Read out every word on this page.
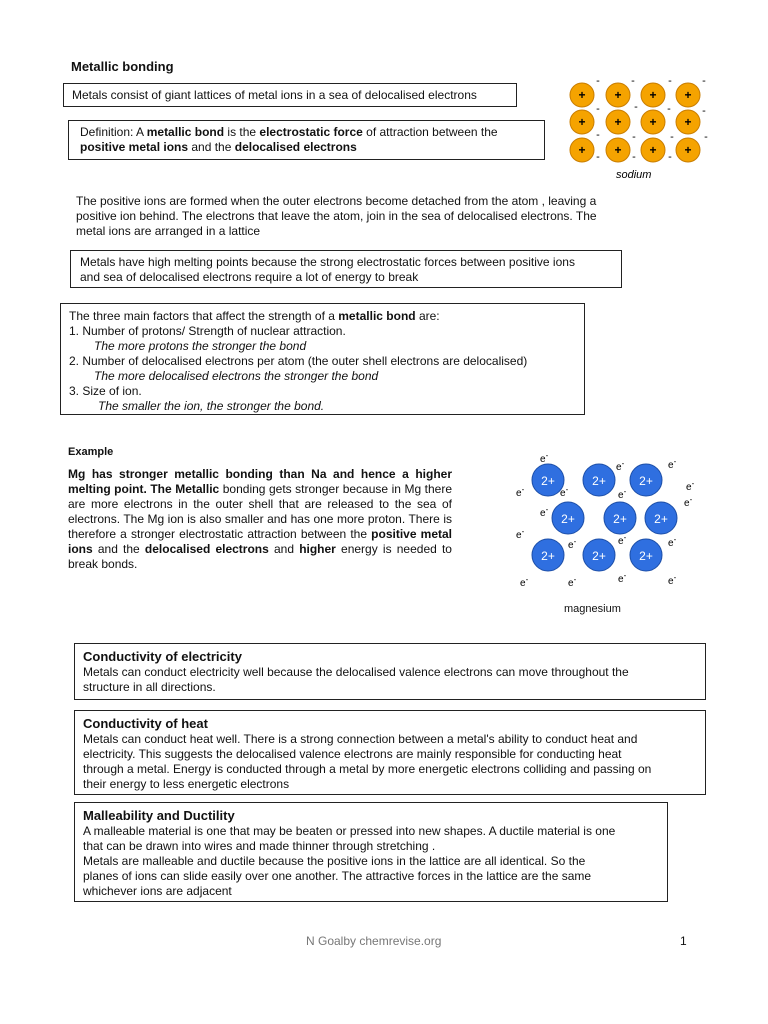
Metallic bonding
Metals consist of giant lattices of metal ions in a sea of delocalised electrons
Definition: A metallic bond is the electrostatic force of attraction between the
positive metal ions and the delocalised electrons
+ + + +
+ + + +
+ + + +
-	-	-	-
-	-	-	-
-	-	-	-
-	-	-
sodium
The positive ions are formed when the outer electrons become detached from the atom , leaving a
positive ion behind. The electrons that leave the atom, join in the sea of delocalised electrons. The
metal ions are arranged in a lattice
Metals have high melting points because the strong electrostatic forces between positive ions
and sea of delocalised electrons require a lot of energy to break
The three main factors that affect the strength of a metallic bond are:
1. Number of protons/ Strength of nuclear attraction.
The more protons the stronger the bond
2. Number of delocalised electrons per atom (the outer shell electrons are delocalised)
The more delocalised electrons the stronger the bond
3. Size of ion.
The smaller the ion, the stronger the bond.
Example
Mg has stronger metallic bonding than Na and hence a higher melting point. The Metallic bonding gets stronger because in Mg there are more electrons in the outer shell that are released to the sea of electrons. The Mg ion is also smaller and has one more proton. There is therefore a stronger electrostatic attraction between the positive metal ions and the delocalised electrons and higher energy is needed to break bonds.
2+	2+	2+
2+	2+ 2+
2+	2+	2+
e-
e-	e-
e-	e-
e-
e-
e-
e-
e-
e-	e-
e-
e-	e-	e-
e-
magnesium
Conductivity of electricity
Metals can conduct electricity well because the delocalised valence electrons can move throughout the
structure in all directions.
Conductivity of heat
Metals can conduct heat well. There is a strong connection between a metal's ability to conduct heat and
electricity. This suggests the delocalised valence electrons are mainly responsible for conducting heat
through a metal. Energy is conducted through a metal by more energetic electrons colliding and passing on
their energy to less energetic electrons
Malleability and Ductility
A malleable material is one that may be beaten or pressed into new shapes. A ductile material is one
that can be drawn into wires and made thinner through stretching .
Metals are malleable and ductile because the positive ions in the lattice are all identical. So the
planes of ions can slide easily over one another. The attractive forces in the lattice are the same
whichever ions are adjacent
N Goalby chemrevise.org	1
